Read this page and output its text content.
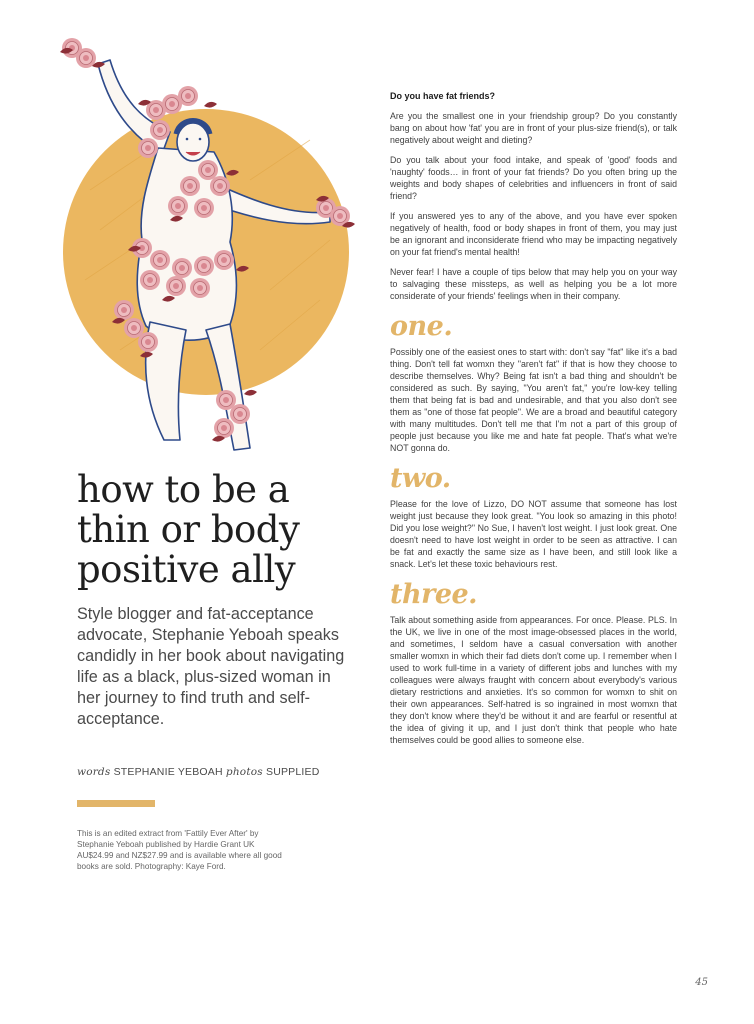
how to be a
thin or body
positive ally

Style blogger and fat-acceptance advocate, Stephanie Yeboah speaks candidly in her book about navigating life as a black, plus-sized woman in her journey to find truth and self-acceptance.

words STEPHANIE YEBOAH photos SUPPLIED

This is an edited extract from 'Fattily Ever After' by Stephanie Yeboah published by Hardie Grant UK AU$24.99 and NZ$27.99 and is available where all good books are sold. Photography: Kaye Ford.

Do you have fat friends?

Are you the smallest one in your friendship group? Do you constantly bang on about how 'fat' you are in front of your plus-size friend(s), or talk negatively about weight and dieting?

Do you talk about your food intake, and speak of 'good' foods and 'naughty' foods… in front of your fat friends? Do you often bring up the weights and body shapes of celebrities and influencers in front of said friend?

If you answered yes to any of the above, and you have ever spoken negatively of health, food or body shapes in front of them, you may just be an ignorant and inconsiderate friend who may be impacting negatively on your fat friend's mental health!

Never fear! I have a couple of tips below that may help you on your way to salvaging these missteps, as well as helping you be a lot more considerate of your friends' feelings when in their company.

one.

Possibly one of the easiest ones to start with: don't say "fat" like it's a bad thing. Don't tell fat womxn they "aren't fat" if that is how they choose to describe themselves. Why? Being fat isn't a bad thing and shouldn't be considered as such. By saying, "You aren't fat," you're low-key telling them that being fat is bad and undesirable, and that you also don't see them as "one of those fat people". We are a broad and beautiful category with many multitudes. Don't tell me that I'm not a part of this group of people just because you like me and hate fat people. That's what we're NOT gonna do.

two.

Please for the love of Lizzo, DO NOT assume that someone has lost weight just because they look great. "You look so amazing in this photo! Did you lose weight?" No Sue, I haven't lost weight. I just look great. One doesn't need to have lost weight in order to be seen as attractive. I can be fat and exactly the same size as I have been, and still look like a snack. Let's let these toxic behaviours rest.

three.

Talk about something aside from appearances. For once. Please. PLS. In the UK, we live in one of the most image-obsessed places in the world, and sometimes, I seldom have a casual conversation with another smaller womxn in which their fad diets don't come up. I remember when I used to work full-time in a variety of different jobs and lunches with my colleagues were always fraught with concern about everybody's various dietary restrictions and anxieties. It's so common for womxn to shit on their own appearances. Self-hatred is so ingrained in most womxn that they don't know where they'd be without it and are fearful or resentful at the idea of giving it up, and I just don't think that people who hate themselves could be good allies to someone else.

45
